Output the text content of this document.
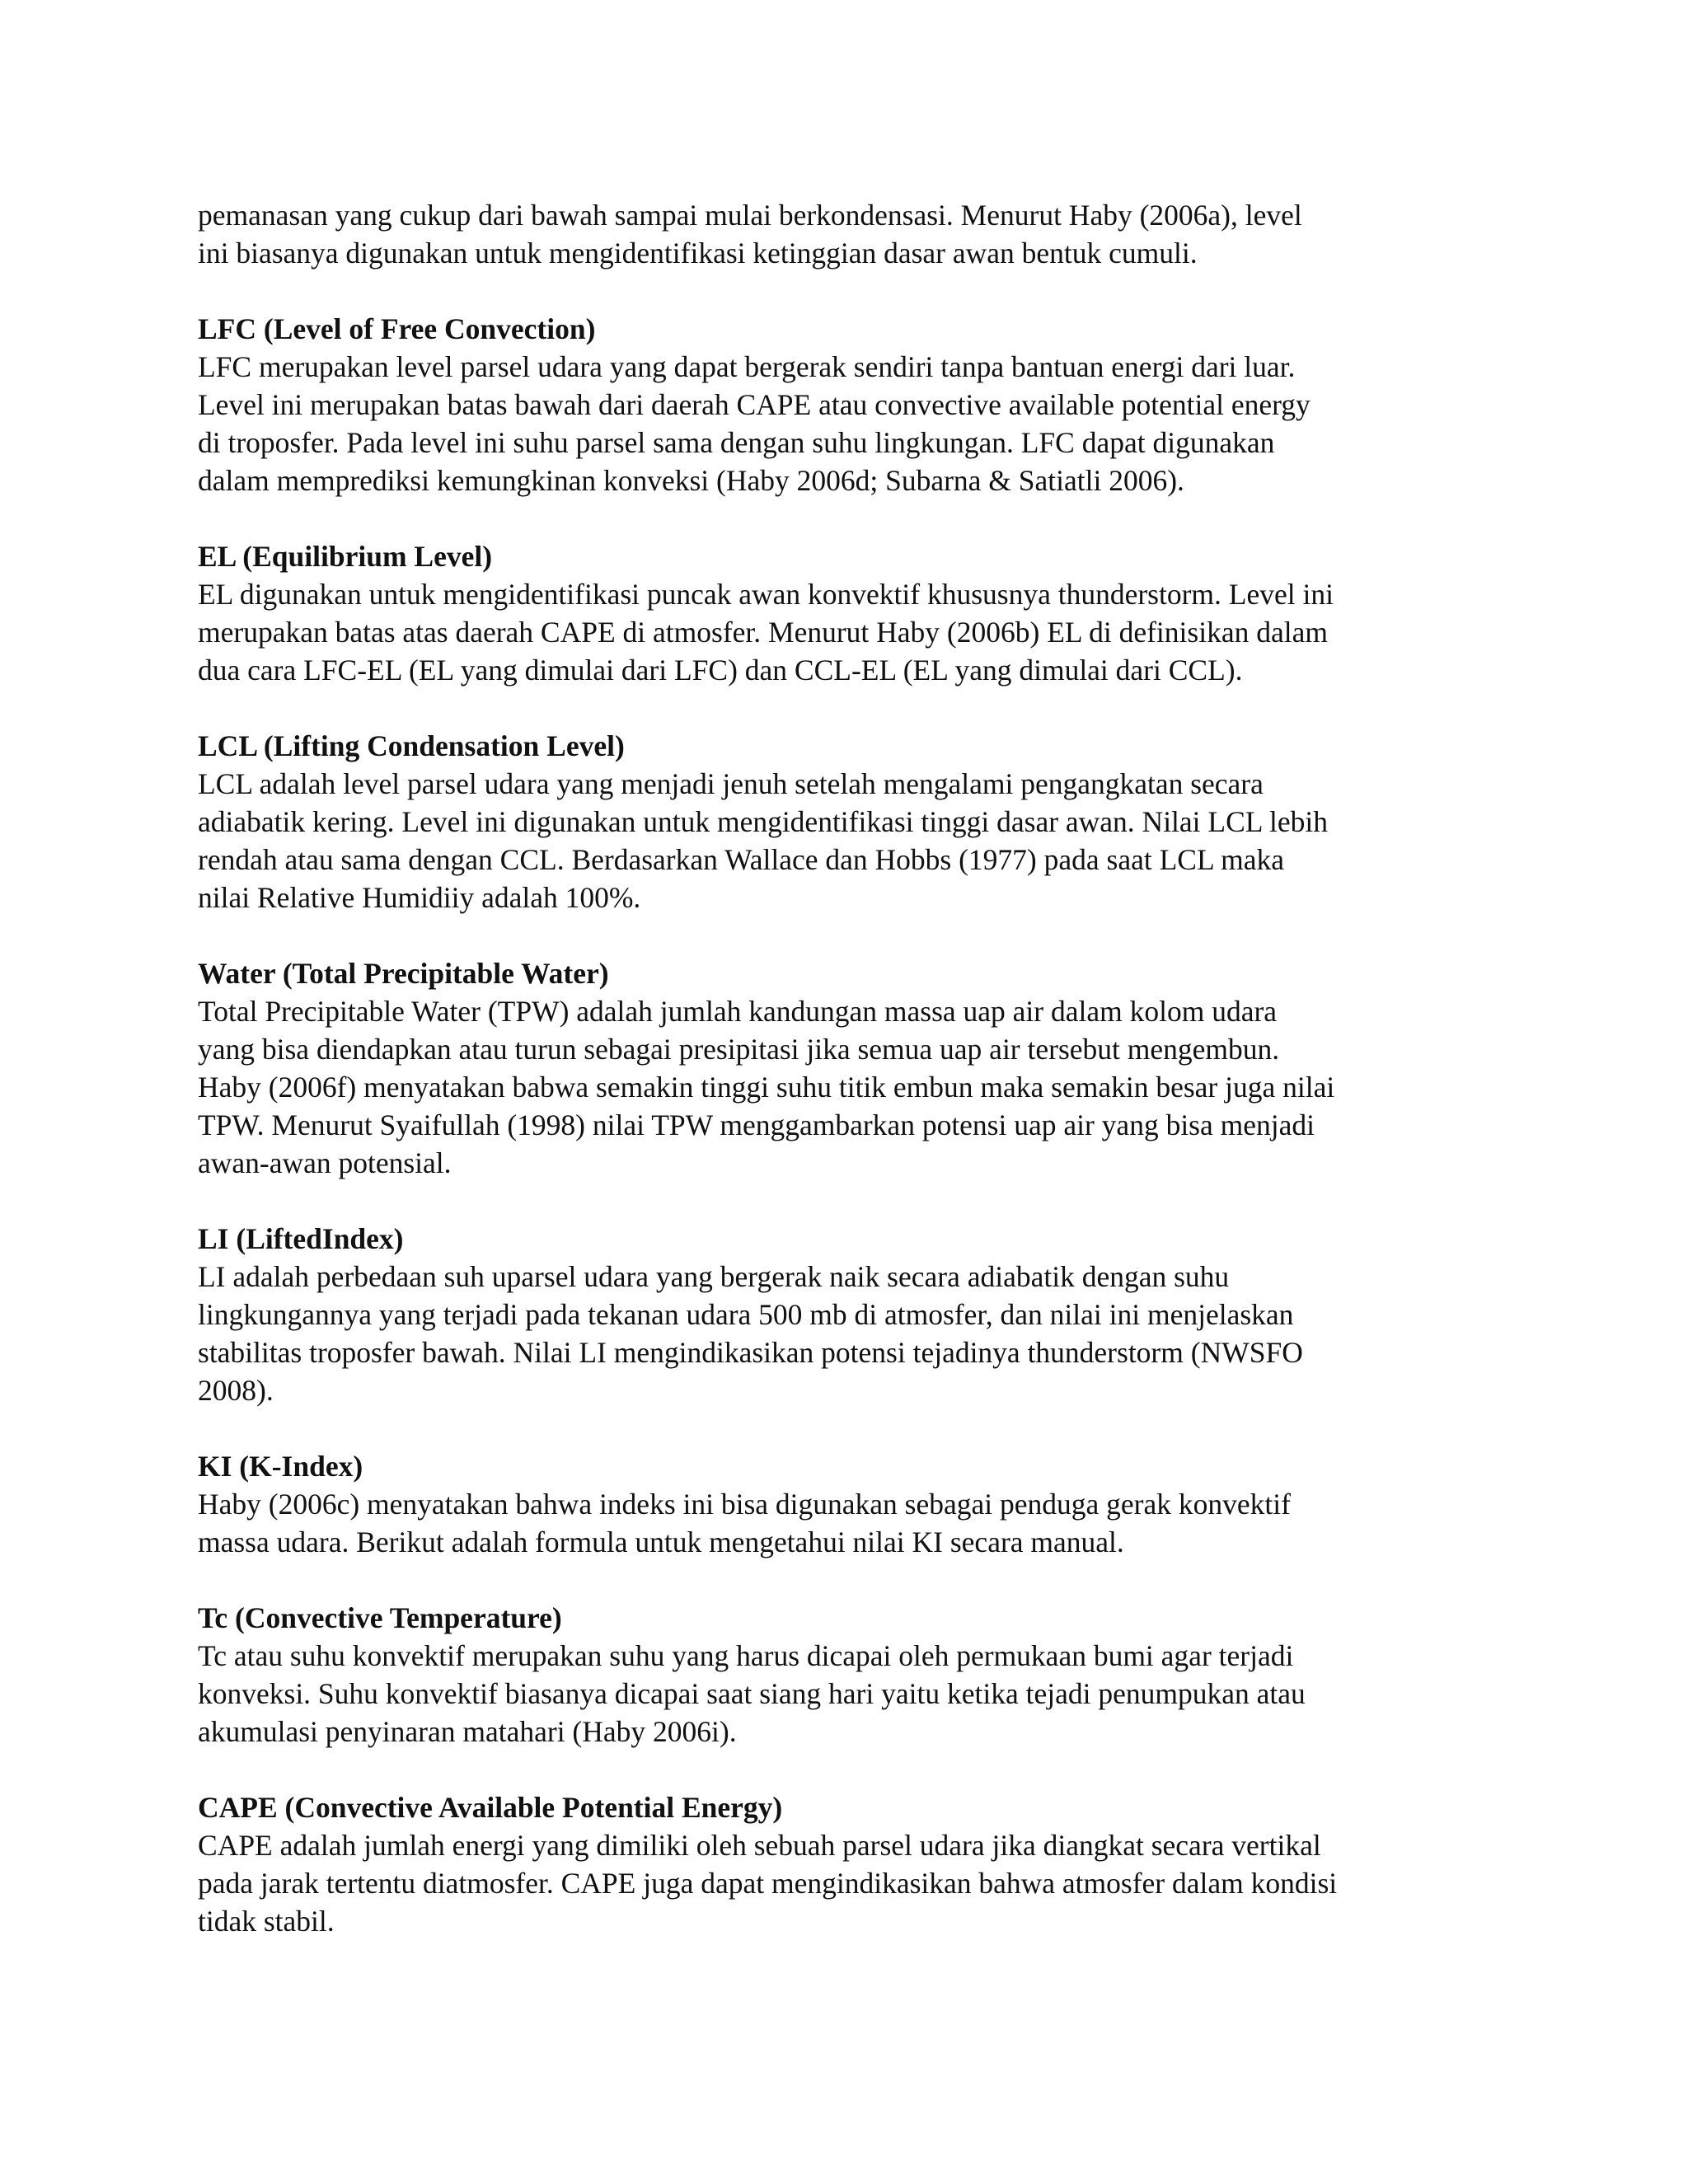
pemanasan yang cukup dari bawah sampai mulai berkondensasi. Menurut Haby (2006a), level
ini biasanya digunakan untuk mengidentifikasi ketinggian dasar awan bentuk cumuli.
LFC (Level of Free Convection)
LFC merupakan level parsel udara yang dapat bergerak sendiri tanpa bantuan energi dari luar.
Level ini merupakan batas bawah dari daerah CAPE atau convective available potential energy
di troposfer. Pada level ini suhu parsel sama dengan suhu lingkungan. LFC dapat digunakan
dalam memprediksi kemungkinan konveksi (Haby 2006d; Subarna & Satiatli 2006).
EL (Equilibrium Level)
EL digunakan untuk mengidentifikasi puncak awan konvektif khususnya thunderstorm. Level ini
merupakan batas atas daerah CAPE di atmosfer. Menurut Haby (2006b) EL di definisikan dalam
dua cara LFC-EL (EL yang dimulai dari LFC) dan CCL-EL (EL yang dimulai dari CCL).
LCL (Lifting Condensation Level)
LCL adalah level parsel udara yang menjadi jenuh setelah mengalami pengangkatan secara
adiabatik kering. Level ini digunakan untuk mengidentifikasi tinggi dasar awan. Nilai LCL lebih
rendah atau sama dengan CCL. Berdasarkan Wallace dan Hobbs (1977) pada saat LCL maka
nilai Relative Humidiiy adalah 100%.
Water (Total Precipitable Water)
Total Precipitable Water (TPW) adalah jumlah kandungan massa uap air dalam kolom udara
yang bisa diendapkan atau turun sebagai presipitasi jika semua uap air tersebut mengembun.
Haby (2006f) menyatakan babwa semakin tinggi suhu titik embun maka semakin besar juga nilai
TPW. Menurut Syaifullah (1998) nilai TPW menggambarkan potensi uap air yang bisa menjadi
awan-awan potensial.
LI (LiftedIndex)
LI adalah perbedaan suh uparsel udara yang bergerak naik secara adiabatik dengan suhu
lingkungannya yang terjadi pada tekanan udara 500 mb di atmosfer, dan nilai ini menjelaskan
stabilitas troposfer bawah. Nilai LI mengindikasikan potensi tejadinya thunderstorm (NWSFO
2008).
KI (K-Index)
Haby (2006c) menyatakan bahwa indeks ini bisa digunakan sebagai penduga gerak konvektif
massa udara. Berikut adalah formula untuk mengetahui nilai KI secara manual.
Tc (Convective Temperature)
Tc atau suhu konvektif merupakan suhu yang harus dicapai oleh permukaan bumi agar terjadi
konveksi. Suhu konvektif biasanya dicapai saat siang hari yaitu ketika tejadi penumpukan atau
akumulasi penyinaran matahari (Haby 2006i).
CAPE (Convective Available Potential Energy)
CAPE adalah jumlah energi yang dimiliki oleh sebuah parsel udara jika diangkat secara vertikal
pada jarak tertentu diatmosfer. CAPE juga dapat mengindikasikan bahwa atmosfer dalam kondisi
tidak stabil.
